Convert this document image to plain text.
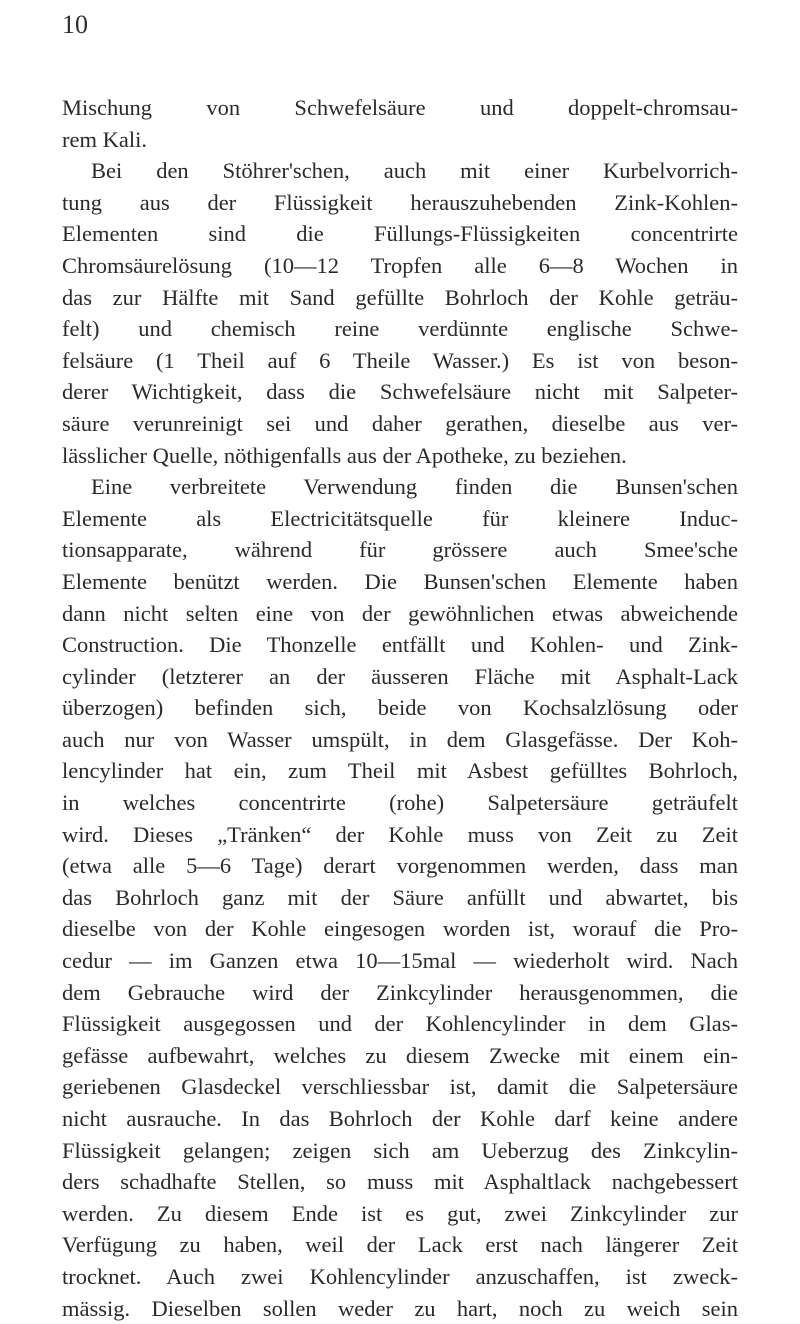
10
Mischung von Schwefelsäure und doppelt-chromsau-
rem Kali.
Bei den Stöhrer'schen, auch mit einer Kurbelvorrich-
tung aus der Flüssigkeit herauszuhebenden Zink-Kohlen-
Elementen sind die Füllungs-Flüssigkeiten concentrirte
Chromsäurelösung (10—12 Tropfen alle 6—8 Wochen in
das zur Hälfte mit Sand gefüllte Bohrloch der Kohle geträu-
felt) und chemisch reine verdünnte englische Schwe-
felsäure (1 Theil auf 6 Theile Wasser.) Es ist von beson-
derer Wichtigkeit, dass die Schwefelsäure nicht mit Salpeter-
säure verunreinigt sei und daher gerathen, dieselbe aus ver-
lässlicher Quelle, nöthigenfalls aus der Apotheke, zu beziehen.
Eine verbreitete Verwendung finden die Bunsen'schen
Elemente als Electricitätsquelle für kleinere Induc-
tionsapparate, während für grössere auch Smee'sche
Elemente benützt werden. Die Bunsen'schen Elemente haben
dann nicht selten eine von der gewöhnlichen etwas abweichende
Construction. Die Thonzelle entfällt und Kohlen- und Zink-
cylinder (letzterer an der äusseren Fläche mit Asphalt-Lack
überzogen) befinden sich, beide von Kochsalzlösung oder
auch nur von Wasser umspült, in dem Glasgefässe. Der Koh-
lencylinder hat ein, zum Theil mit Asbest gefülltes Bohrloch,
in welches concentrirte (rohe) Salpetersäure geträufelt
wird. Dieses „Tränken“ der Kohle muss von Zeit zu Zeit
(etwa alle 5—6 Tage) derart vorgenommen werden, dass man
das Bohrloch ganz mit der Säure anfüllt und abwartet, bis
dieselbe von der Kohle eingesogen worden ist, worauf die Pro-
cedur — im Ganzen etwa 10—15mal — wiederholt wird. Nach
dem Gebrauche wird der Zinkcylinder herausgenommen, die
Flüssigkeit ausgegossen und der Kohlencylinder in dem Glas-
gefässe aufbewahrt, welches zu diesem Zwecke mit einem ein-
geriebenen Glasdeckel verschliessbar ist, damit die Salpetersäure
nicht ausrauche. In das Bohrloch der Kohle darf keine andere
Flüssigkeit gelangen; zeigen sich am Ueberzug des Zinkcylin-
ders schadhafte Stellen, so muss mit Asphaltlack nachgebessert
werden. Zu diesem Ende ist es gut, zwei Zinkcylinder zur
Verfügung zu haben, weil der Lack erst nach längerer Zeit
trocknet. Auch zwei Kohlencylinder anzuschaffen, ist zweck-
mässig. Dieselben sollen weder zu hart, noch zu weich sein
